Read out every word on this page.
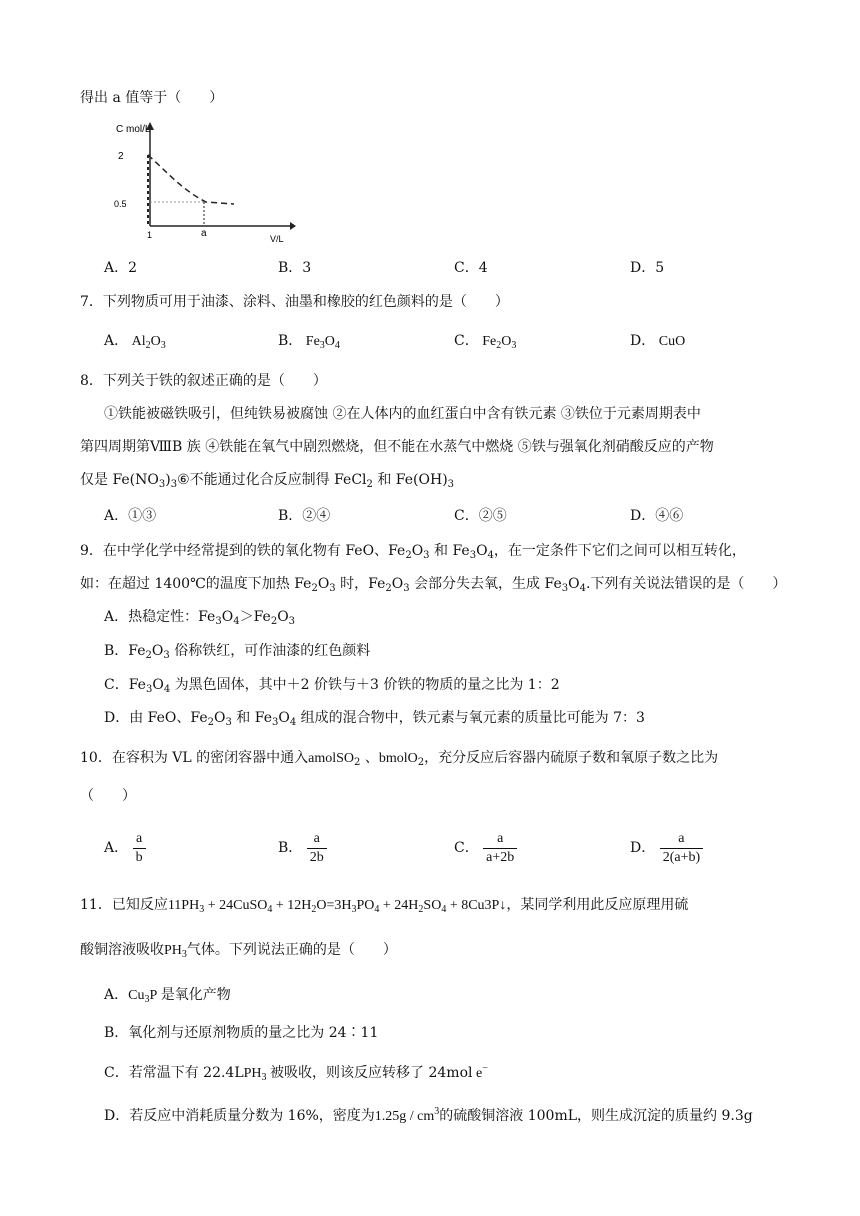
得出 a 值等于（　　）
C mol/L
V/L
2
0.5
1	a
A．2	B．3	C．4	D．5
7．下列物质可用于油漆、涂料、油墨和橡胶的红色颜料的是（　　）
A． $Al_2O_3$	B． $Fe_3O_4$	C． $Fe_2O_3$	D． CuO
8．下列关于铁的叙述正确的是（　　）
①铁能被磁铁吸引，但纯铁易被腐蚀 ②在人体内的血红蛋白中含有铁元素 ③铁位于元素周期表中
第四周期第ⅧB 族 ④铁能在氧气中剧烈燃烧，但不能在水蒸气中燃烧 ⑤铁与强氧化剂硝酸反应的产物
仅是 $Fe(NO_3)_3⑥$不能通过化合反应制得 FeCl$_2$ 和 $Fe(OH)_3$
A．①③	B．②④	C．②⑤	D．④⑥
9．在中学化学中经常提到的铁的氧化物有 FeO、$Fe_2O_3$ 和 $Fe_3O_4$，在一定条件下它们之间可以相互转化，
如：在超过 1400℃的温度下加热 $Fe_2O_3$ 时，$Fe_2O_3$ 会部分失去氧，生成 $Fe_3O_4$.下列有关说法错误的是（　　）
A．热稳定性：$Fe_3O_4>Fe_2O_3$
B．$Fe_2O_3$ 俗称铁红，可作油漆的红色颜料
C．$Fe_3O_4$ 为黑色固体，其中＋2 价铁与＋3 价铁的物质的量之比为 1：2
D．由 FeO、$Fe_2O_3$ 和 $Fe_3O_4$ 组成的混合物中，铁元素与氧元素的质量比可能为 7：3
10．在容积为 VL 的密闭容器中通入amolSO$_2$ 、bmolO$_2$，充分反应后容器内硫原子数和氧原子数之比为
（　　）
A． $\frac{a}{b}$	B． $\frac{a}{2b}$	C． $\frac{a}{a+2b}$	D． $\frac{a}{2(a+b)}$
11．已知反应$11PH_3$ + 24CuSO$_4$ + $12H_2O=3H_3PO_4 + 24H_2SO_4$ + 8Cu3P↓，某同学利用此反应原理用硫
酸铜溶液吸收$PH_3$气体。下列说法正确的是（　　）
A．$Cu_3P$ 是氧化产物
B．氧化剂与还原剂物质的量之比为 24∶11
C．若常温下有 $22.4LPH_3$ 被吸收，则该反应转移了 24mol e−
D．若反应中消耗质量分数为 16%，密度为$1.25g / cm^3$的硫酸铜溶液 100mL，则生成沉淀的质量约 9.3g
